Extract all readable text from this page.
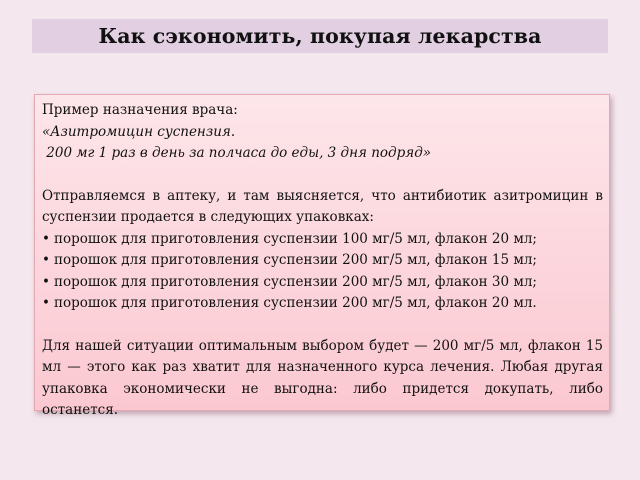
Как сэкономить, покупая лекарства

Пример назначения врача:

«Азитромицин суспензия.

200 мг 1 раз в день за полчаса до еды, 3 дня подряд»

Отправляемся в аптеку, и там выясняется, что антибиотик азитромицин в суспензии продается в следующих упаковках:

• порошок для приготовления суспензии 100 мг/5 мл, флакон 20 мл;
• порошок для приготовления суспензии 200 мг/5 мл, флакон 15 мл;
• порошок для приготовления суспензии 200 мг/5 мл, флакон 30 мл;
• порошок для приготовления суспензии 200 мг/5 мл, флакон 20 мл.

Для нашей ситуации оптимальным выбором будет — 200 мг/5 мл, флакон 15 мл — этого как раз хватит для назначенного курса лечения. Любая другая упаковка экономически не выгодна: либо придется докупать, либо останется.
